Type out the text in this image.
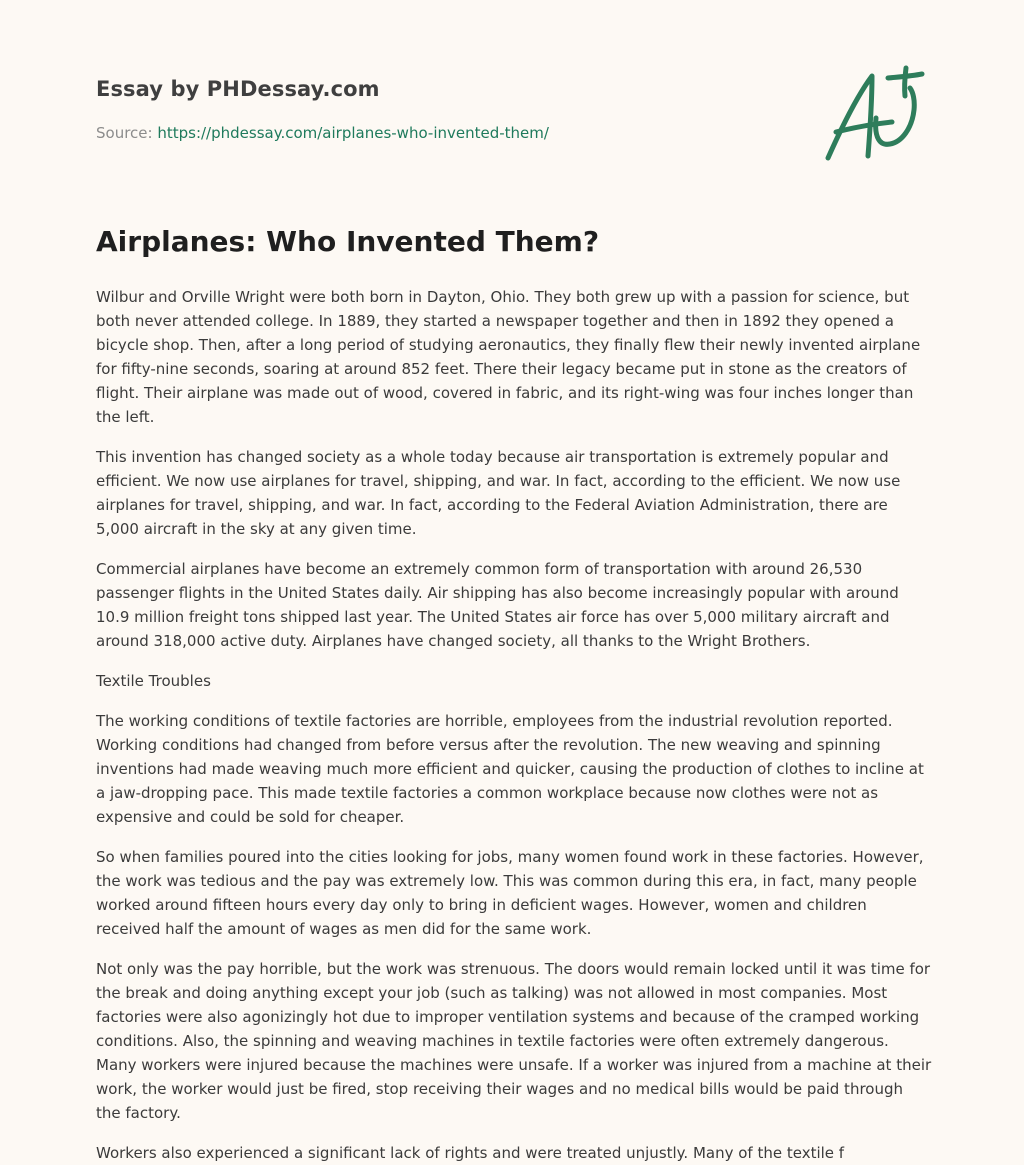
Essay by PHDessay.com
Source: https://phdessay.com/airplanes-who-invented-them/
Airplanes: Who Invented Them?

Wilbur and Orville Wright were both born in Dayton, Ohio. They both grew up with a passion for science, but both never attended college. In 1889, they started a newspaper together and then in 1892 they opened a bicycle shop. Then, after a long period of studying aeronautics, they finally flew their newly invented airplane for fifty-nine seconds, soaring at around 852 feet. There their legacy became put in stone as the creators of flight. Their airplane was made out of wood, covered in fabric, and its right-wing was four inches longer than the left.

This invention has changed society as a whole today because air transportation is extremely popular and efficient. We now use airplanes for travel, shipping, and war. In fact, according to the efficient. We now use airplanes for travel, shipping, and war. In fact, according to the Federal Aviation Administration, there are 5,000 aircraft in the sky at any given time.

Commercial airplanes have become an extremely common form of transportation with around 26,530 passenger flights in the United States daily. Air shipping has also become increasingly popular with around 10.9 million freight tons shipped last year. The United States air force has over 5,000 military aircraft and around 318,000 active duty. Airplanes have changed society, all thanks to the Wright Brothers.

Textile Troubles

The working conditions of textile factories are horrible, employees from the industrial revolution reported. Working conditions had changed from before versus after the revolution. The new weaving and spinning inventions had made weaving much more efficient and quicker, causing the production of clothes to incline at a jaw-dropping pace. This made textile factories a common workplace because now clothes were not as expensive and could be sold for cheaper.

So when families poured into the cities looking for jobs, many women found work in these factories. However, the work was tedious and the pay was extremely low. This was common during this era, in fact, many people worked around fifteen hours every day only to bring in deficient wages. However, women and children received half the amount of wages as men did for the same work.

Not only was the pay horrible, but the work was strenuous. The doors would remain locked until it was time for the break and doing anything except your job (such as talking) was not allowed in most companies. Most factories were also agonizingly hot due to improper ventilation systems and because of the cramped working conditions. Also, the spinning and weaving machines in textile factories were often extremely dangerous. Many workers were injured because the machines were unsafe. If a worker was injured from a machine at their work, the worker would just be fired, stop receiving their wages and no medical bills would be paid through the factory.

Workers also experienced a significant lack of rights and were treated unjustly. Many of the textile f
